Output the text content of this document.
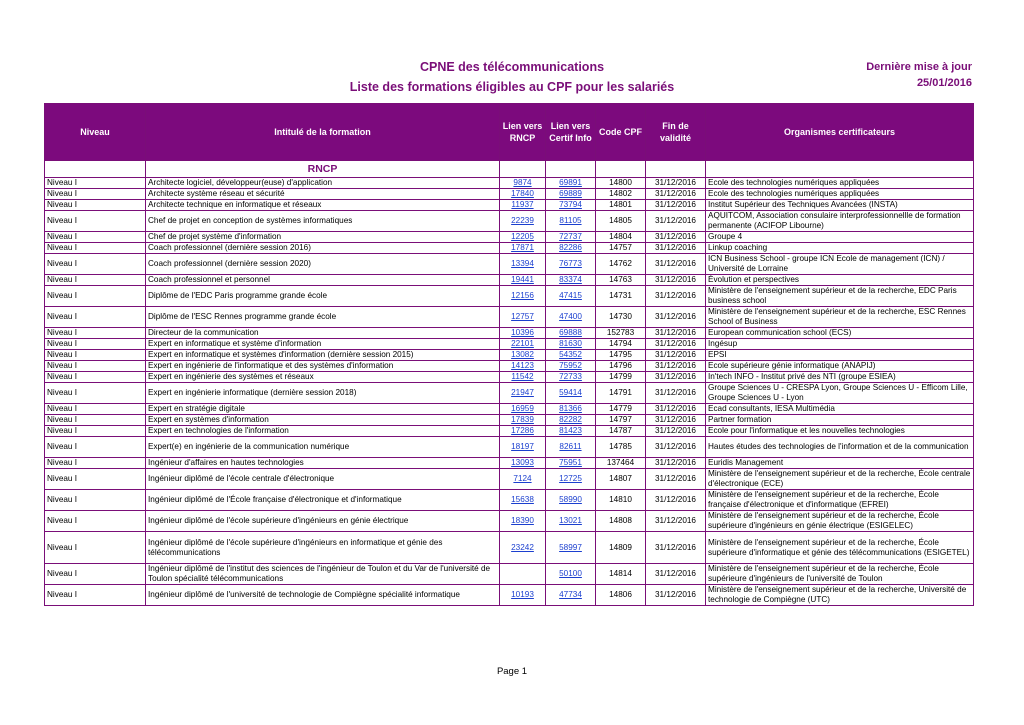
CPNE des télécommunications
Liste des formations éligibles au CPF pour les salariés
Dernière mise à jour
25/01/2016
Niveau	Intitulé de la formation	Lien vers RNCP	Lien vers Certif Info	Code CPF	Fin de validité	Organismes certificateurs
	RNCP					
Niveau I	Architecte logiciel, développeur(euse) d'application	9874	69891	14800	31/12/2016	Ecole des technologies numériques appliquées
Niveau I	Architecte système réseau et sécurité	17840	69889	14802	31/12/2016	Ecole des technologies numériques appliquées
Niveau I	Architecte technique en informatique et réseaux	11937	73794	14801	31/12/2016	Institut Supérieur des Techniques Avancées (INSTA)
Niveau I	Chef de projet en conception de systèmes informatiques	22239	81105	14805	31/12/2016	AQUITCOM, Association consulaire interprofessionnellle de formation permanente (ACIFOP Libourne)
Niveau I	Chef de projet système d'information	12205	72737	14804	31/12/2016	Groupe 4
Niveau I	Coach professionnel (dernière session 2016)	17871	82286	14757	31/12/2016	Linkup coaching
Niveau I	Coach professionnel (dernière session 2020)	13394	76773	14762	31/12/2016	ICN Business School - groupe ICN Ecole de management (ICN) / Université de Lorraine
Niveau I	Coach professionnel et personnel	19441	83374	14763	31/12/2016	Évolution et perspectives
Niveau I	Diplôme de l'EDC Paris programme grande école	12156	47415	14731	31/12/2016	Ministère de l'enseignement supérieur et de la recherche, EDC Paris business school
Niveau I	Diplôme de l'ESC Rennes programme grande école	12757	47400	14730	31/12/2016	Ministère de l'enseignement supérieur et de la recherche, ESC Rennes School of Business
Niveau I	Directeur de la communication	10396	69888	152783	31/12/2016	European communication school (ECS)
Niveau I	Expert en informatique et système d'information	22101	81630	14794	31/12/2016	Ingésup
Niveau I	Expert en informatique et systèmes d'information (dernière session 2015)	13082	54352	14795	31/12/2016	EPSI
Niveau I	Expert en ingénierie de l'informatique et des systèmes d'information	14123	75952	14796	31/12/2016	Ecole supérieure génie informatique (ANAPIJ)
Niveau I	Expert en ingénierie des systèmes et réseaux	11542	72733	14799	31/12/2016	In'tech INFO - Institut privé des NTI (groupe ESIEA)
Niveau I	Expert en ingénierie informatique (dernière session 2018)	21947	59414	14791	31/12/2016	Groupe Sciences U - CRESPA Lyon, Groupe Sciences U - Efficom Lille, Groupe Sciences U - Lyon
Niveau I	Expert en stratégie digitale	16959	81366	14779	31/12/2016	Ecad consultants, IESA Multimédia
Niveau I	Expert en systèmes d'information	17839	82282	14797	31/12/2016	Partner formation
Niveau I	Expert en technologies de l'information	17286	81423	14787	31/12/2016	Ecole pour l'informatique et les nouvelles technologies
Niveau I	Expert(e) en ingénierie de la communication numérique	18197	82611	14785	31/12/2016	Hautes études des technologies de l'information et de la communication
Niveau I	Ingénieur d'affaires en hautes technologies	13093	75951	137464	31/12/2016	Euridis Management
Niveau I	Ingénieur diplômé de l'école centrale d'électronique	7124	12725	14807	31/12/2016	Ministère de l'enseignement supérieur et de la recherche, École centrale d'électronique (ECE)
Niveau I	Ingénieur diplômé de l'École française d'électronique et d'informatique	15638	58990	14810	31/12/2016	Ministère de l'enseignement supérieur et de la recherche, École française d'électronique et d'informatique (EFREI)
Niveau I	Ingénieur diplômé de l'école supérieure d'ingénieurs en génie électrique	18390	13021	14808	31/12/2016	Ministère de l'enseignement supérieur et de la recherche, École supérieure d'ingénieurs en génie électrique (ESIGELEC)
Niveau I	Ingénieur diplômé de l'école supérieure d'ingénieurs en informatique et génie des télécommunications	23242	58997	14809	31/12/2016	Ministère de l'enseignement supérieur et de la recherche, École supérieure d'informatique et génie des télécommunications (ESIGETEL)
Niveau I	Ingénieur diplômé de l'institut des sciences de l'ingénieur de Toulon et du Var de l'université de Toulon spécialité télécommunications		50100	14814	31/12/2016	Ministère de l'enseignement supérieur et de la recherche, École supérieure d'ingénieurs de l'université de Toulon
Niveau I	Ingénieur diplômé de l'université de technologie de Compiègne spécialité informatique	10193	47734	14806	31/12/2016	Ministère de l'enseignement supérieur et de la recherche, Université de technologie de Compiègne (UTC)
Page 1
